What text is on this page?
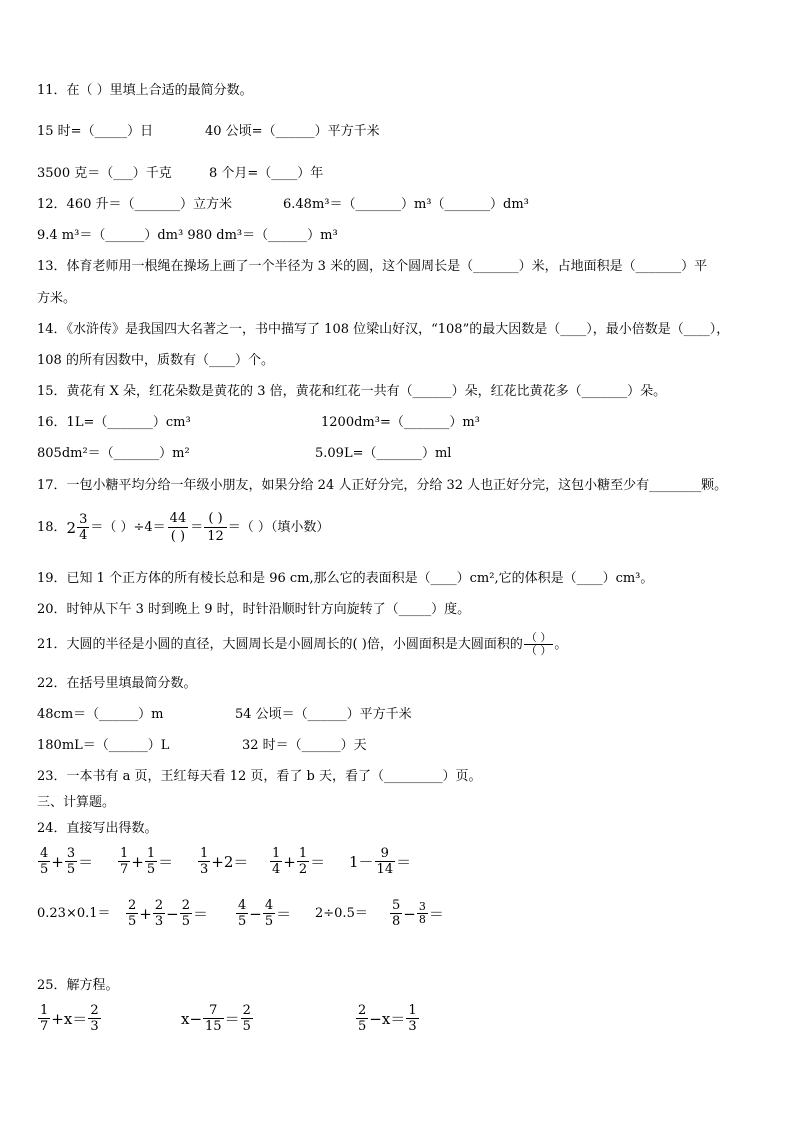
11．在（ ）里填上合适的最简分数。
15 时=（_____）日	40 公顷=（______）平方千米
3500 克＝（___）千克	8 个月=（____）年
12．460 升＝（_______）立方米	6.48m³＝（_______）m³（_______）dm³
9.4 m³＝（______）dm³ 980 dm³＝（______）m³
13．体育老师用一根绳在操场上画了一个半径为 3 米的圆，这个圆周长是（_______）米，占地面积是（_______）平
方米。
14．《水浒传》是我国四大名著之一，书中描写了 108 位梁山好汉，“108”的最大因数是（____），最小倍数是（____），
108 的所有因数中，质数有（____）个。
15．黄花有 X 朵，红花朵数是黄花的 3 倍，黄花和红花一共有（______）朵，红花比黄花多（_______）朵。
16．1L=（_______）cm³	1200dm³=（_______）m³
805dm²＝（_______）m²	5.09L=（_______）ml
17．一包小糖平均分给一年级小朋友，如果分给 24 人正好分完，分给 32 人也正好分完，这包小糖至少有________颗。
18． $2 \frac{3}{4}$ ＝（ ）$\div 4= \frac{44}{( )} = \frac{( )}{12}$ ＝（ ）（填小数）
19．已知 1 个正方体的所有棱长总和是 96 cm,那么它的表面积是（____）cm²,它的体积是（____）cm³。
20．时钟从下午 3 时到晚上 9 时，时针沿顺时针方向旋转了（_____）度。
21．大圆的半径是小圆的直径，大圆周长是小圆周长的( )倍，小圆面积是大圆面积的 $\frac{( )}{( )}$ 。
22．在括号里填最简分数。
48cm＝（______）m	54 公顷＝（______）平方千米
180mL＝（______）L	32 时＝（______）天
23．一本书有 a 页，王红每天看 12 页，看了 b 天，看了（_________）页。
三、计算题。
24．直接写出得数。
$\frac{4}{5} + \frac{3}{5} = \frac{1}{7} + \frac{1}{5} = \frac{1}{3} +2= \frac{1}{4} + \frac{1}{2} = 1- \frac{9}{14}$ ＝
0.23×0.1＝	$\frac{2}{5} + \frac{2}{3} - \frac{2}{5} = \frac{4}{5} - \frac{4}{5} = 2\div 0.5=$	$\frac{5}{8} - \frac{3}{8}$ ＝
25．解方程。
$\frac{1}{7} +x= \frac{2}{3}$	$x- \frac{7}{15} = \frac{2}{5}$	$\frac{2}{5} -x= \frac{1}{3}$
